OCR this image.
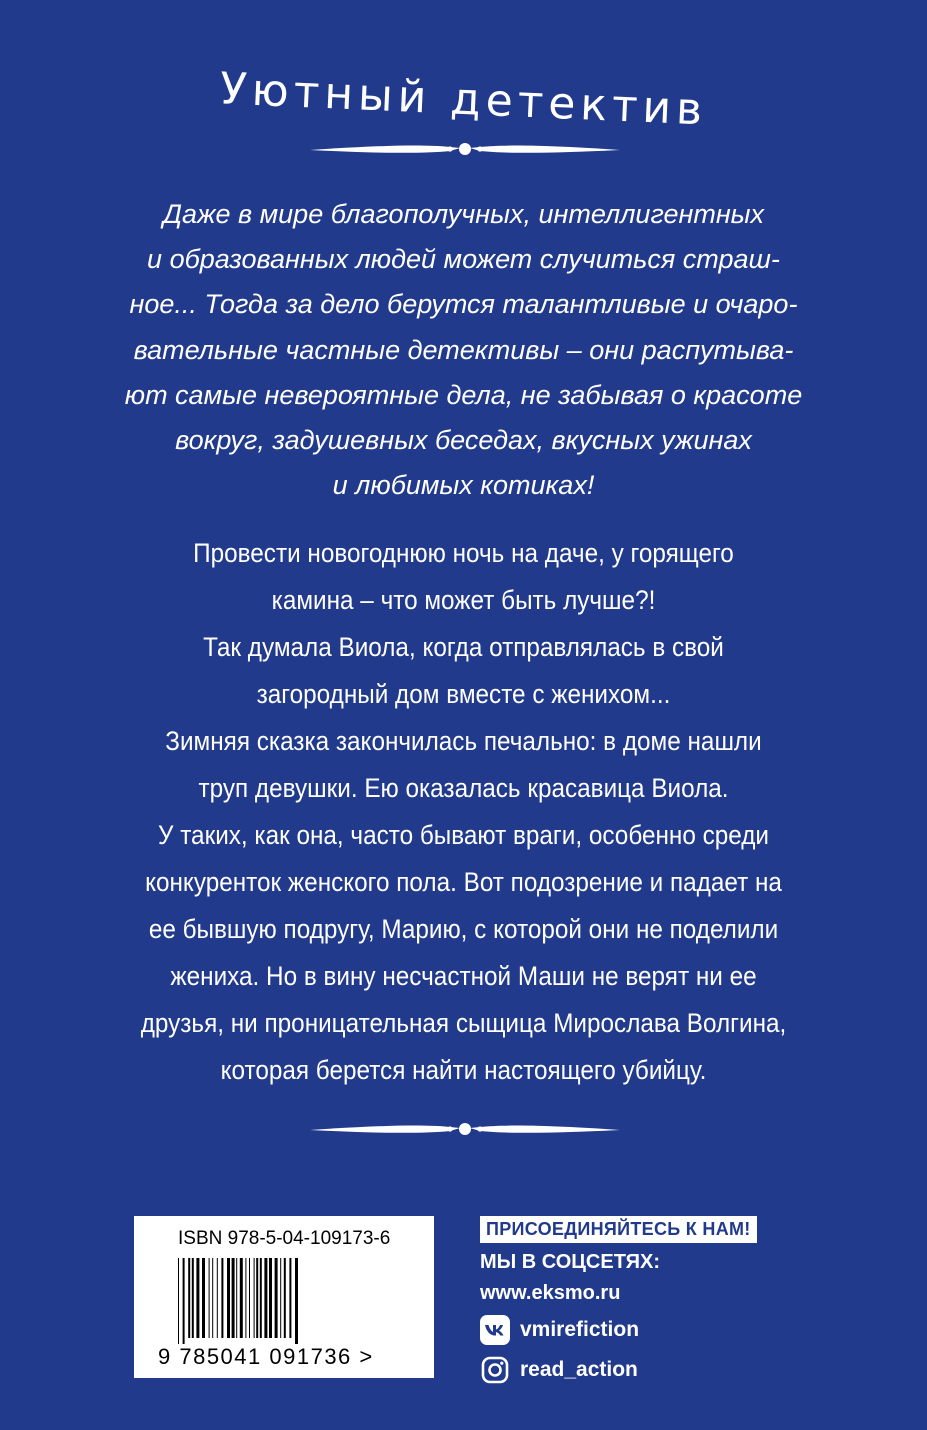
Уютный детектив
Даже в мире благополучных, интеллигентных
и образованных людей может случиться страш-
ное... Тогда за дело берутся талантливые и очаро-
вательные частные детективы – они распутыва-
ют самые невероятные дела, не забывая о красоте
вокруг, задушевных беседах, вкусных ужинах
и любимых котиках!
Провести новогоднюю ночь на даче, у горящего
камина – что может быть лучше?!
Так думала Виола, когда отправлялась в свой
загородный дом вместе с женихом...
Зимняя сказка закончилась печально: в доме нашли
труп девушки. Ею оказалась красавица Виола.
У таких, как она, часто бывают враги, особенно среди
конкуренток женского пола. Вот подозрение и падает на
ее бывшую подругу, Марию, с которой они не поделили
жениха. Но в вину несчастной Маши не верят ни ее
друзья, ни проницательная сыщица Мирослава Волгина,
которая берется найти настоящего убийцу.
ISBN 978-5-04-109173-6
9 785041 091736 >
ПРИСОЕДИНЯЙТЕСЬ К НАМ!
МЫ В СОЦСЕТЯХ:
www.eksmo.ru
vmirefiction
read_action
